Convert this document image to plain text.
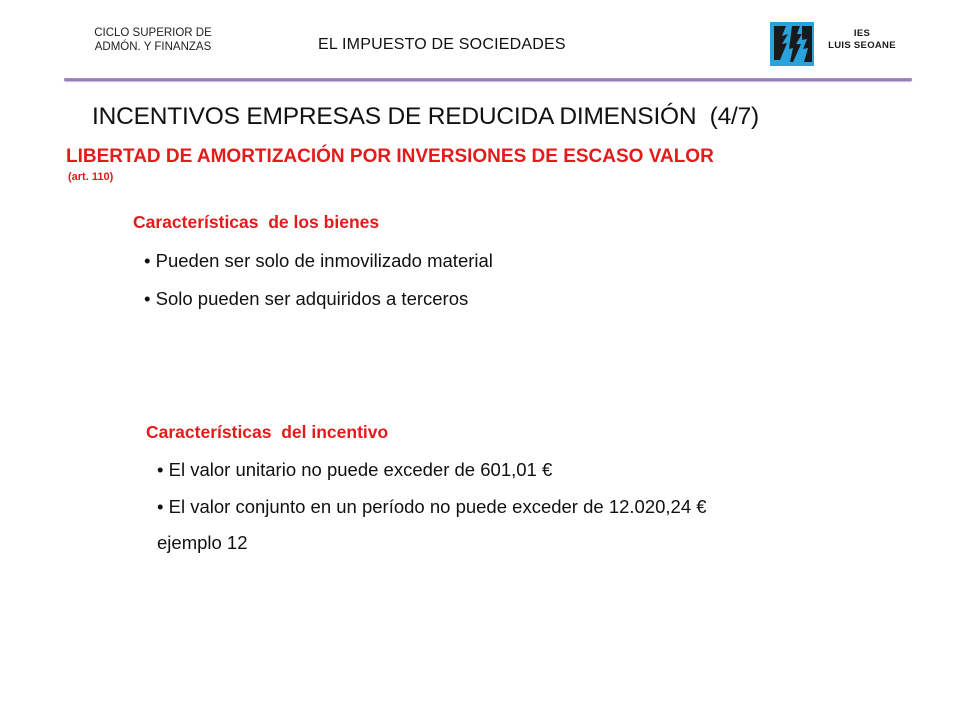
CICLO SUPERIOR DE
ADMÓN. Y FINANZAS	EL IMPUESTO DE SOCIEDADES
IES
LUIS SEOANE
INCENTIVOS EMPRESAS DE REDUCIDA DIMENSIÓN  (4/7)
LIBERTAD DE AMORTIZACIÓN POR INVERSIONES DE ESCASO VALOR
(art. 110)
Características  de los bienes
• Pueden ser solo de inmovilizado material
• Solo pueden ser adquiridos a terceros
Características  del incentivo
• El valor unitario no puede exceder de 601,01 €
• El valor conjunto en un período no puede exceder de 12.020,24 €
ejemplo 12
